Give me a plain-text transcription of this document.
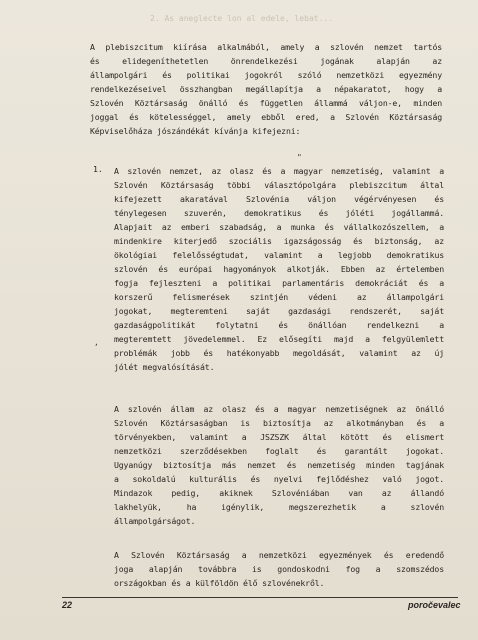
2. As aneglecte lon al edele, lebat...
A plebiszcitum kiírása alkalmából, amely a szlovén nemzet tartós
és elidegeníthetetlen önrendelkezési jogának alapján az
állampolgári és politikai jogokról szóló nemzetközi egyezmény
rendelkezéseivel összhangban megállapítja a népakaratot, hogy a
Szlovén Köztársaság önálló és független állammá váljon-e, minden
joggal és kötelességgel, amely ebből ered, a Szlovén Köztársaság
Képviselőháza jószándékát kívánja kifejezni:
"
1. A szlovén nemzet, az olasz és a magyar nemzetiség, valamint a
Szlovén Köztársaság többi választópolgára plebiszcitum által
kifejezett akaratával Szlovénia váljon végérvényesen és
ténylegesen szuverén, demokratikus és jóléti jogállammá.
Alapjait az emberi szabadság, a munka és vállalkozószellem, a
mindenkire kiterjedő szociális igazságosság és biztonság, az
ökológiai felelősségtudat, valamint a legjobb demokratikus
szlovén és európai hagyományok alkotják. Ebben az értelemben
fogja fejleszteni a politikai parlamentáris demokráciát és a
korszerű felismerések szintjén védeni az állampolgári
jogokat, megteremteni saját gazdasági rendszerét, saját
gazdaságpolitikát folytatni és önállóan rendelkezni a
megteremtett jövedelemmel. Ez elősegíti majd a felgyülemlett
problémák jobb és hatékonyabb megoldását, valamint az új
jólét megvalósítását.
,
A szlovén állam az olasz és a magyar nemzetiségnek az önálló
Szlovén Köztársaságban is biztosítja az alkotmányban és a
törvényekben, valamint a JSZSZK által kötött és elismert
nemzetközi szerződésekben foglalt és garantált jogokat.
Ugyanúgy biztosítja más nemzet és nemzetiség minden tagjának
a sokoldalú kulturális és nyelvi fejlődéshez való jogot.
Mindazok pedig, akiknek Szlovéniában van az állandó
lakhelyük, ha igénylik, megszerezhetik a szlovén
állampolgárságot.
A Szlovén Köztársaság a nemzetközi egyezmények és eredendő
joga alapján továbbra is gondoskodni fog a szomszédos
országokban és a külföldön élő szlovénekről.
22	poročevalec
